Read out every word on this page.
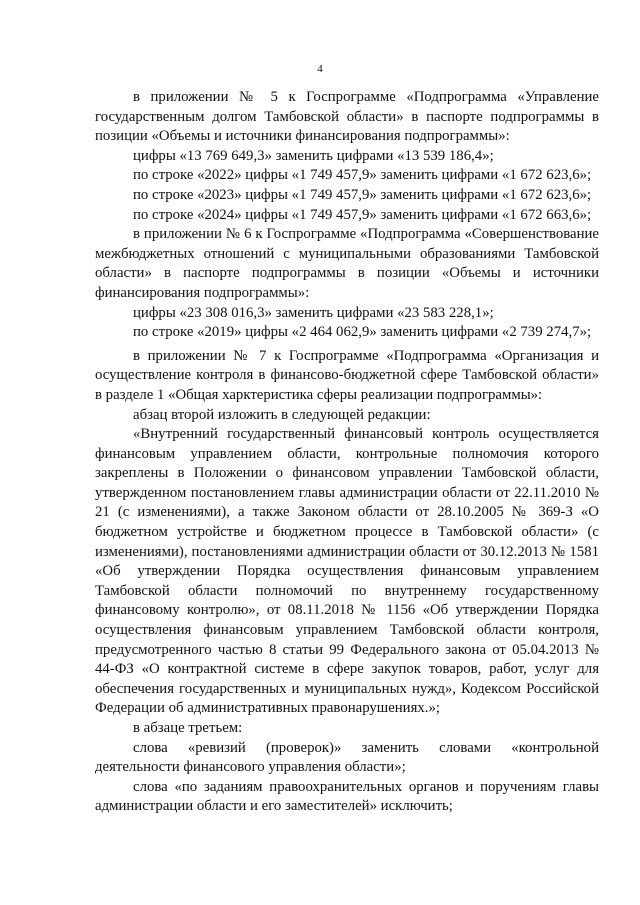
4

в приложении № 5 к Госпрограмме «Подпрограмма «Управление государственным долгом Тамбовской области» в паспорте подпрограммы в позиции «Объемы и источники финансирования подпрограммы»:

цифры «13 769 649,3» заменить цифрами «13 539 186,4»;

по строке «2022» цифры «1 749 457,9» заменить цифрами «1 672 623,6»;

по строке «2023» цифры «1 749 457,9» заменить цифрами «1 672 623,6»;

по строке «2024» цифры «1 749 457,9» заменить цифрами «1 672 663,6»;

в приложении № 6 к Госпрограмме «Подпрограмма «Совершенствование межбюджетных отношений с муниципальными образованиями Тамбовской области» в паспорте подпрограммы в позиции «Объемы и источники финансирования подпрограммы»:

цифры «23 308 016,3» заменить цифрами «23 583 228,1»;

по строке «2019» цифры «2 464 062,9» заменить цифрами «2 739 274,7»;

в приложении № 7 к Госпрограмме «Подпрограмма «Организация и осуществление контроля в финансово-бюджетной сфере Тамбовской области» в разделе 1 «Общая харктеристика сферы реализации подпрограммы»:

абзац второй изложить в следующей редакции:

«Внутренний государственный финансовый контроль осуществляется финансовым управлением области, контрольные полномочия которого закреплены в Положении о финансовом управлении Тамбовской области, утвержденном постановлением главы администрации области от 22.11.2010 № 21 (с изменениями), а также Законом области от 28.10.2005 № 369-З «О бюджетном устройстве и бюджетном процессе в Тамбовской области» (с изменениями), постановлениями администрации области от 30.12.2013 № 1581 «Об утверждении Порядка осуществления финансовым управлением Тамбовской области полномочий по внутреннему государственному финансовому контролю», от 08.11.2018 № 1156 «Об утверждении Порядка осуществления финансовым управлением Тамбовской области контроля, предусмотренного частью 8 статьи 99 Федерального закона от 05.04.2013 № 44-ФЗ «О контрактной системе в сфере закупок товаров, работ, услуг для обеспечения государственных и муниципальных нужд», Кодексом Российской Федерации об административных правонарушениях.»;

в абзаце третьем:

слова «ревизий (проверок)» заменить словами «контрольной деятельности финансового управления области»;

слова «по заданиям правоохранительных органов и поручениям главы администрации области и его заместителей» исключить;
